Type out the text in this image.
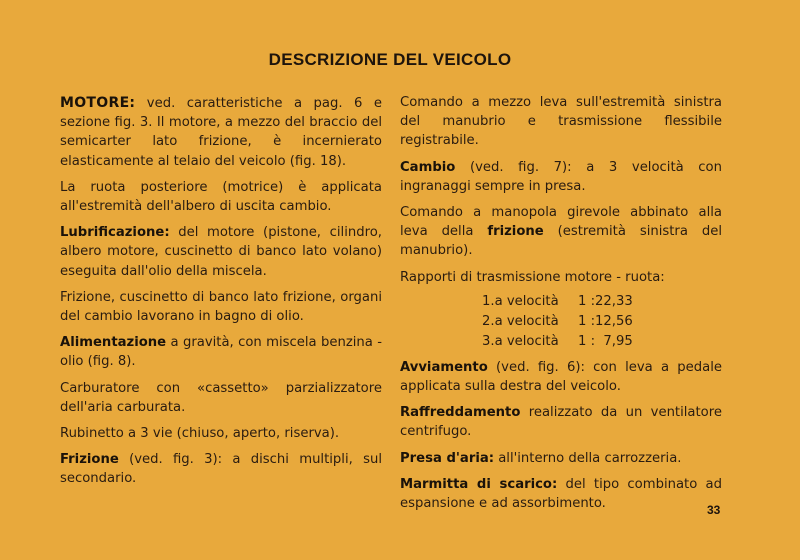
DESCRIZIONE DEL VEICOLO

MOTORE: ved. caratteristiche a pag. 6 e sezione fig. 3. Il motore, a mezzo del braccio del semicarter lato frizione, è incernierato elasticamente al telaio del veicolo (fig. 18).

La ruota posteriore (motrice) è applicata all'estremità dell'albero di uscita cambio.

Lubrificazione: del motore (pistone, cilindro, albero motore, cuscinetto di banco lato volano) eseguita dall'olio della miscela.

Frizione, cuscinetto di banco lato frizione, organi del cambio lavorano in bagno di olio.

Alimentazione a gravità, con miscela benzina - olio (fig. 8).

Carburatore con «cassetto» parzializzatore dell'aria carburata.

Rubinetto a 3 vie (chiuso, aperto, riserva).

Frizione (ved. fig. 3): a dischi multipli, sul secondario.

Comando a mezzo leva sull'estremità sinistra del manubrio e trasmissione flessibile registrabile.

Cambio (ved. fig. 7): a 3 velocità con ingranaggi sempre in presa.

Comando a manopola girevole abbinato alla leva della frizione (estremità sinistra del manubrio).

Rapporti di trasmissione motore - ruota:

1.a velocità	1 :22,33
2.a velocità	1 :12,56
3.a velocità	1 :  7,95

Avviamento (ved. fig. 6): con leva a pedale applicata sulla destra del veicolo.

Raffreddamento realizzato da un ventilatore centrifugo.

Presa d'aria: all'interno della carrozzeria.

Marmitta di scarico: del tipo combinato ad espansione e ad assorbimento.	33
